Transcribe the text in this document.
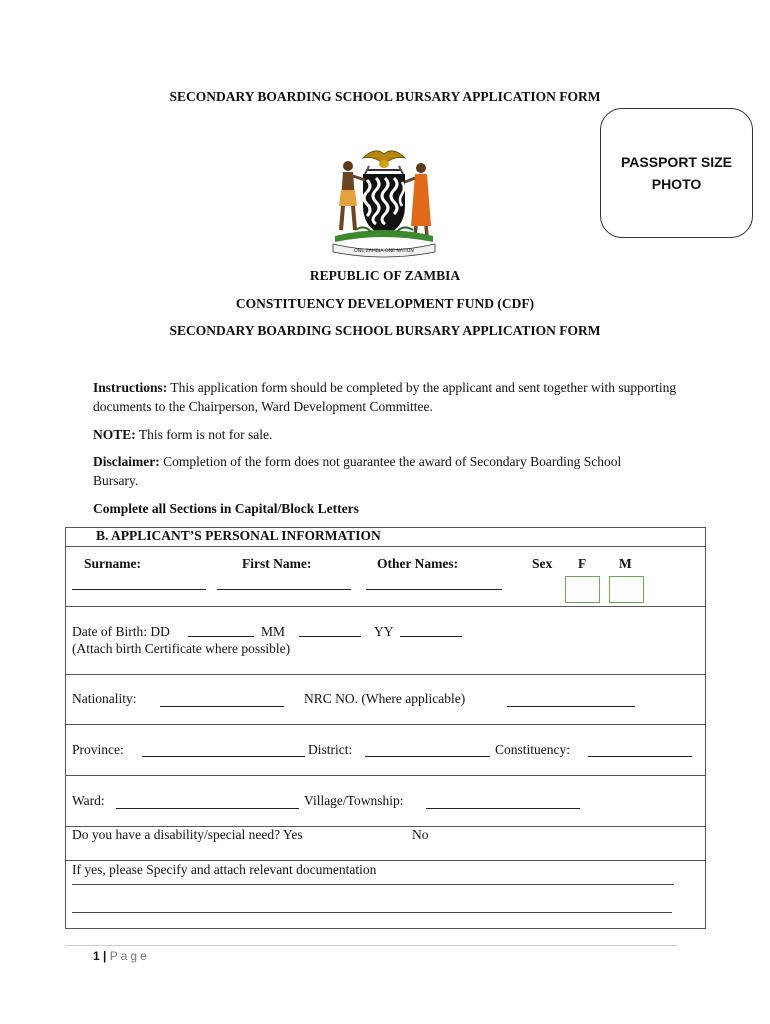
SECONDARY BOARDING SCHOOL BURSARY APPLICATION FORM
PASSPORT SIZE PHOTO
ONE ZAMBIA ONE NATION
REPUBLIC OF ZAMBIA
CONSTITUENCY DEVELOPMENT FUND (CDF)
SECONDARY BOARDING SCHOOL BURSARY APPLICATION FORM
Instructions: This application form should be completed by the applicant and sent together with supporting documents to the Chairperson, Ward Development Committee.
NOTE: This form is not for sale.
Disclaimer: Completion of the form does not guarantee the award of Secondary Boarding School Bursary.
Complete all Sections in Capital/Block Letters
B. APPLICANT’S PERSONAL INFORMATION
Surname:	First Name:	Other Names:	Sex F M
Date of Birth: DD	MM	YY
(Attach birth Certificate where possible)
Nationality:	NRC NO. (Where applicable)
Province:	District:	Constituency:
Ward:	Village/Township:
Do you have a disability/special need? Yes	No
If yes, please Specify and attach relevant documentation
1 | Page
